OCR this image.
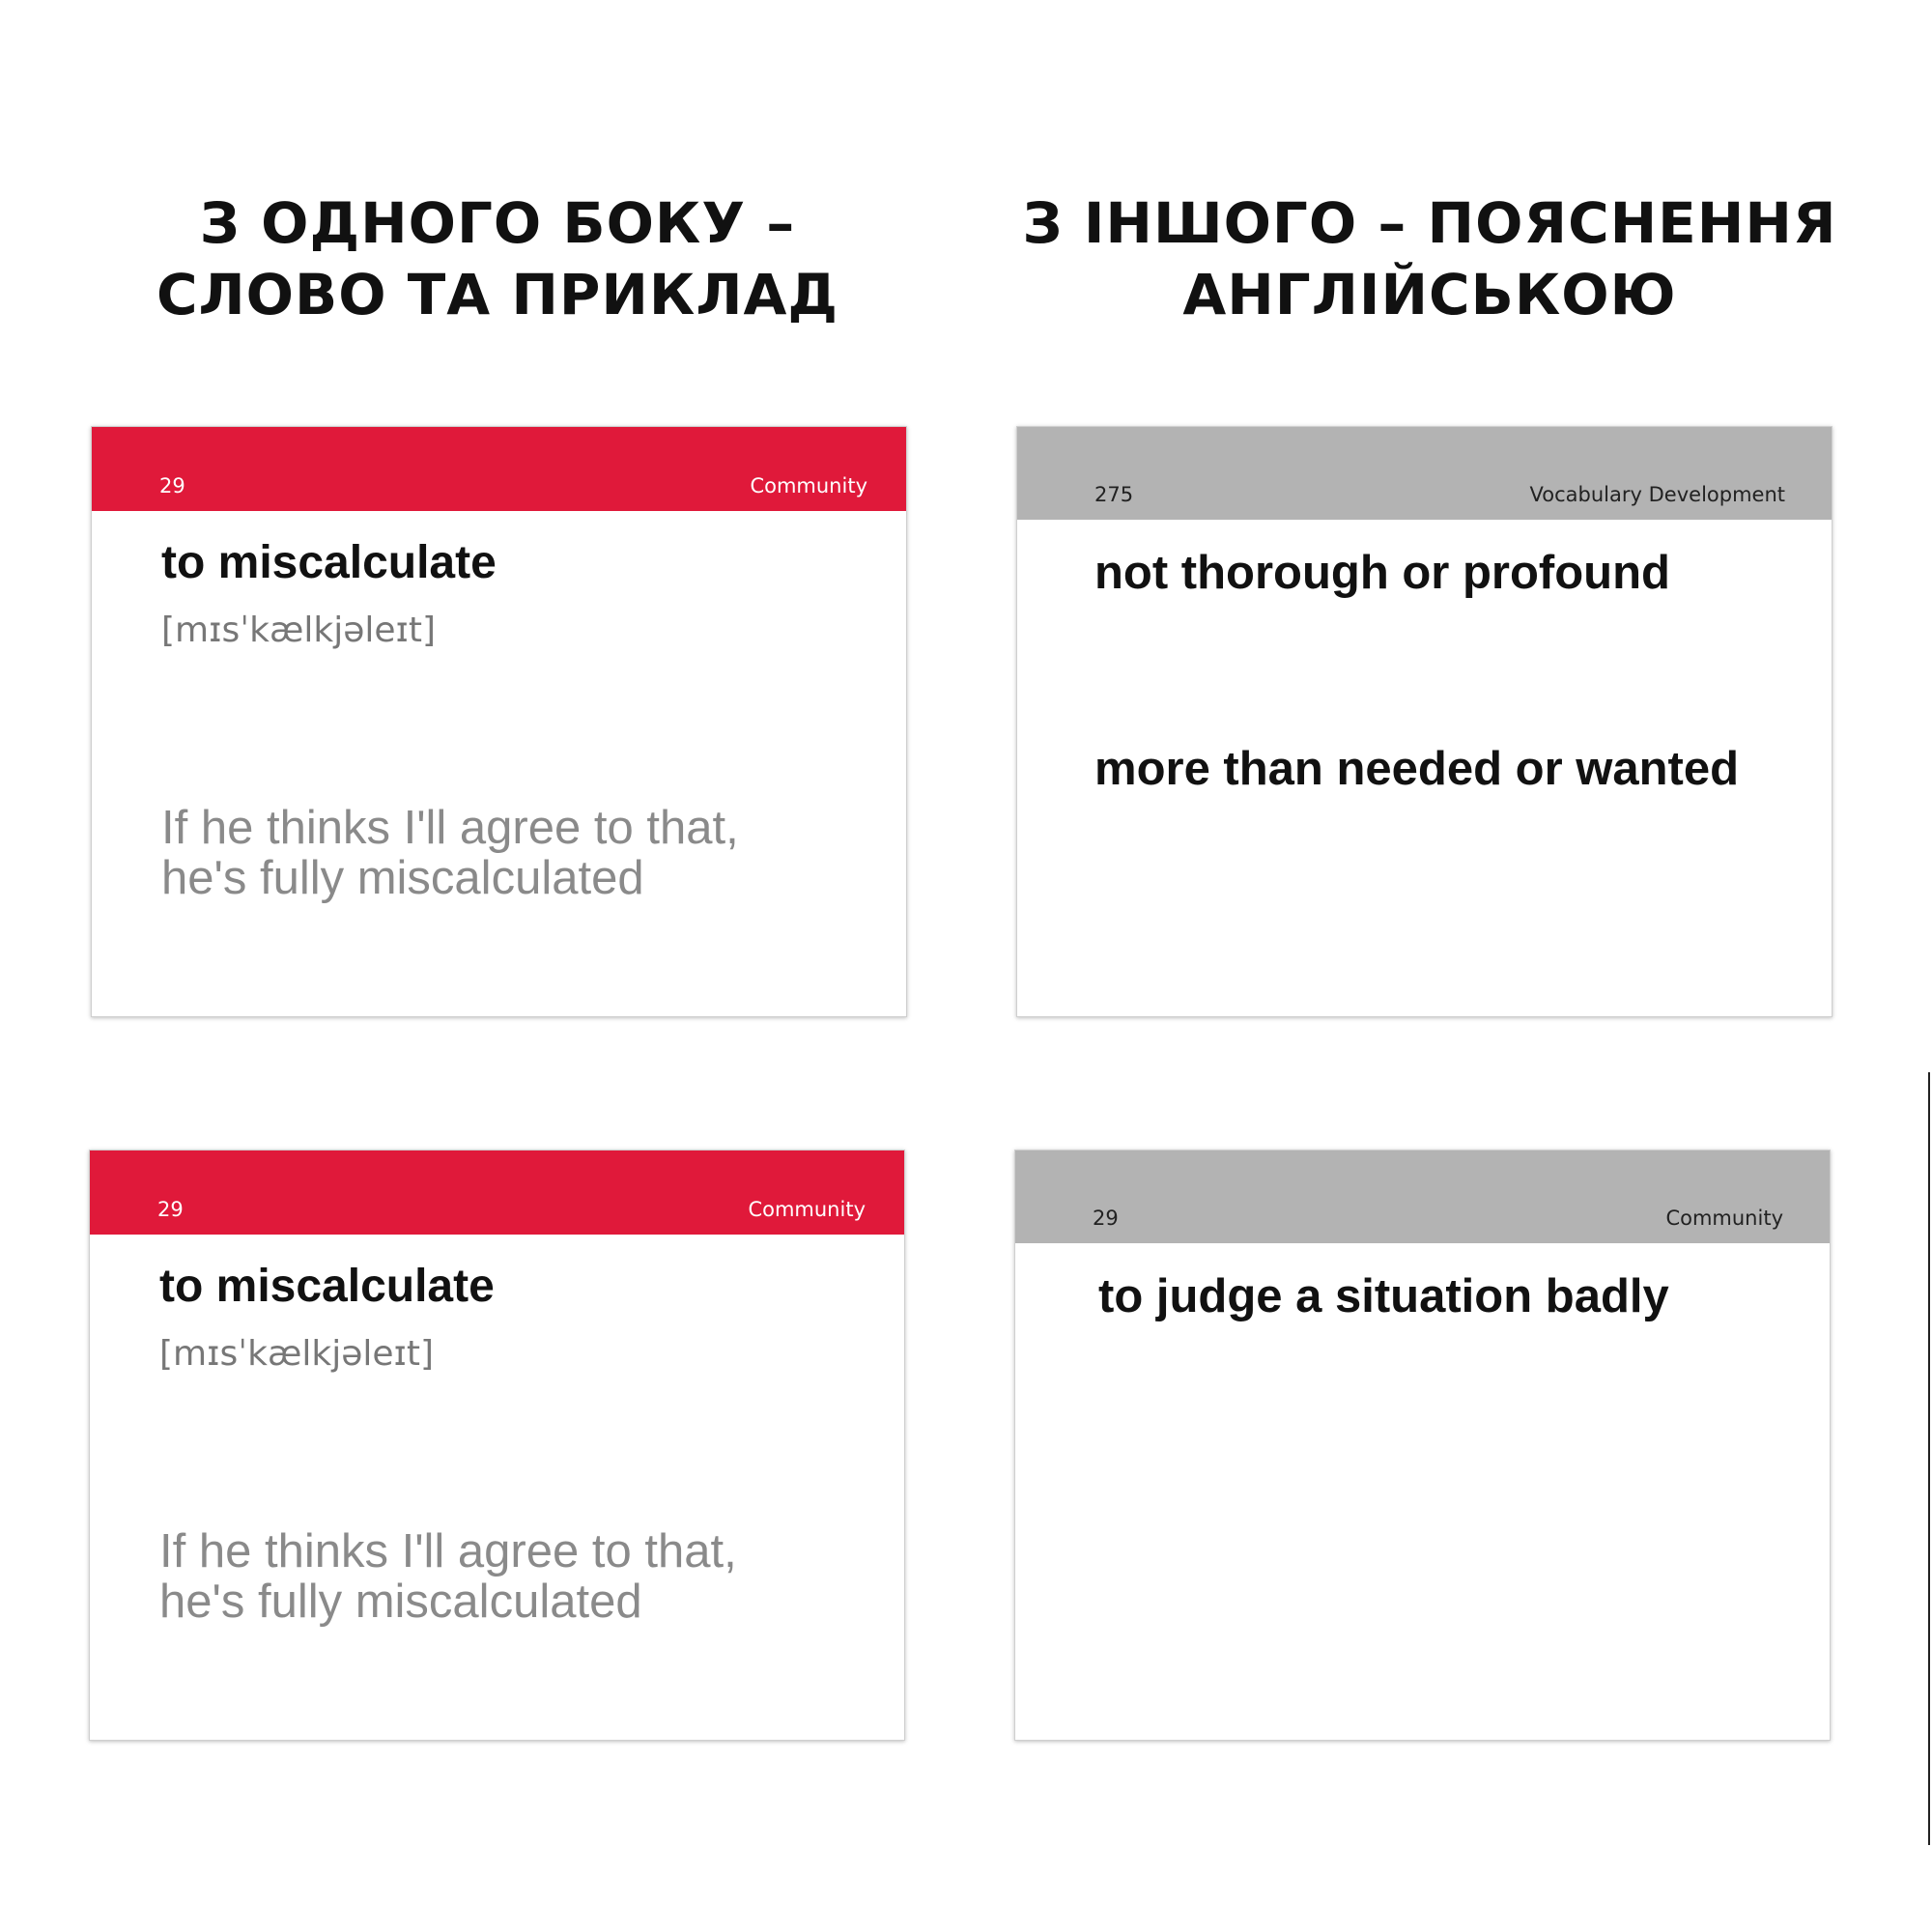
З ОДНОГО БОКУ –
СЛОВО ТА ПРИКЛАД
З ІНШОГО – ПОЯСНЕННЯ
АНГЛІЙСЬКОЮ
29	Community
to miscalculate
[mɪsˈkælkjəleɪt]
If he thinks I'll agree to that,
he's fully miscalculated
275	Vocabulary Development
not thorough or profound
more than needed or wanted
29	Community
to miscalculate
[mɪsˈkælkjəleɪt]
If he thinks I'll agree to that,
he's fully miscalculated
29	Community
to judge a situation badly
